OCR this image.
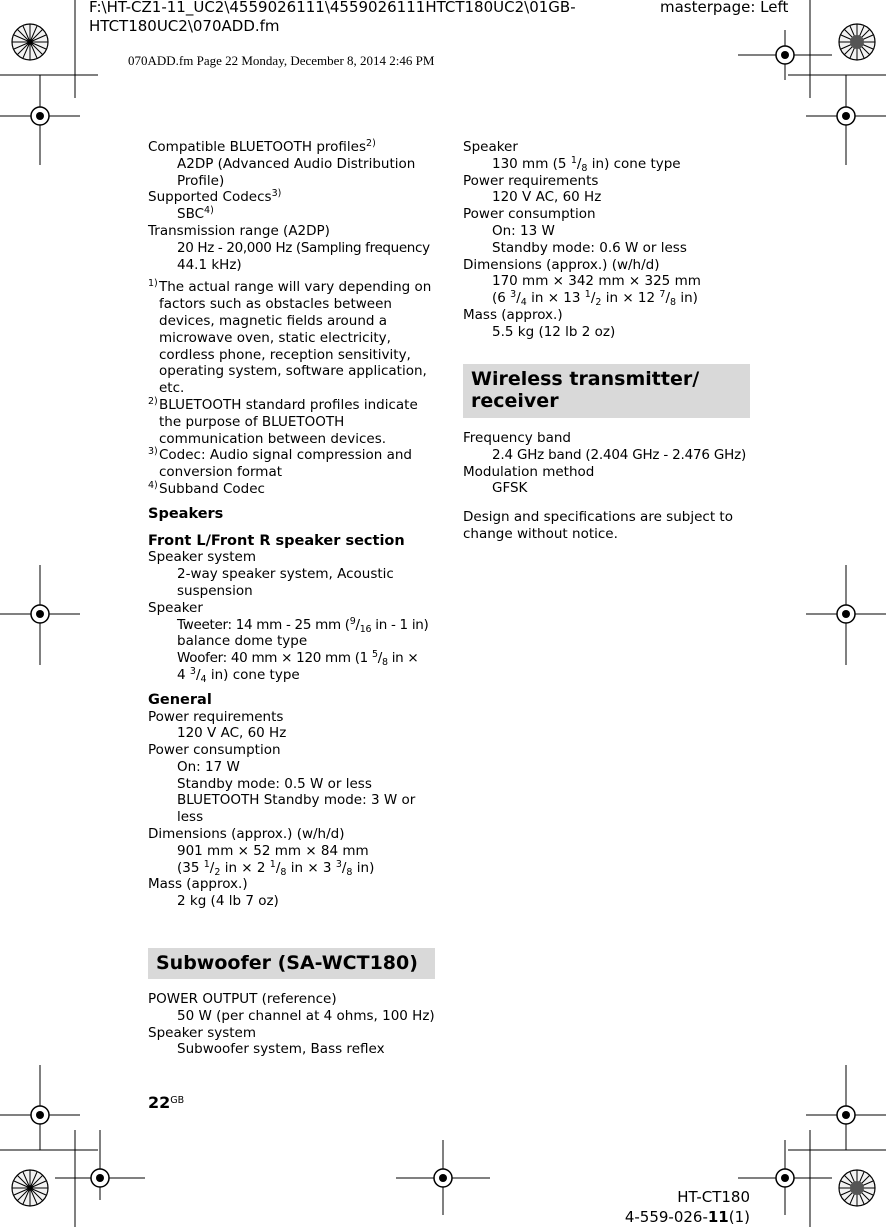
F:\HT-CZ1-11_UC2\4559026111\4559026111HTCT180UC2\01GB-
HTCT180UC2\070ADD.fm
masterpage: Left
070ADD.fm Page 22 Monday, December 8, 2014 2:46 PM
Compatible BLUETOOTH profiles$^{2)}$
A2DP (Advanced Audio Distribution
Profile)
Supported Codecs$^{3)}$
SBC$^{4)}$
Transmission range (A2DP)
20 Hz - 20,000 Hz (Sampling frequency
44.1 kHz)
1) The actual range will vary depending on
factors such as obstacles between
devices, magnetic fields around a
microwave oven, static electricity,
cordless phone, reception sensitivity,
operating system, software application,
etc.
2) BLUETOOTH standard profiles indicate
the purpose of BLUETOOTH
communication between devices.
3) Codec: Audio signal compression and
conversion format
4) Subband Codec
Speakers
Front L/Front R speaker section
Speaker system
2-way speaker system, Acoustic
suspension
Speaker
Tweeter: 14 mm - 25 mm ($^9/_{16}$ in - 1 in)
balance dome type
Woofer: 40 mm × 120 mm (1 $^5/_8$ in ×
4 $^3/_4$ in) cone type
General
Power requirements
120 V AC, 60 Hz
Power consumption
On: 17 W
Standby mode: 0.5 W or less
BLUETOOTH Standby mode: 3 W or
less
Dimensions (approx.) (w/h/d)
901 mm × 52 mm × 84 mm
(35 $^1/_2$ in × 2 $^1/_8$ in × 3 $^3/_8$ in)
Mass (approx.)
2 kg (4 lb 7 oz)
Subwoofer (SA-WCT180)
POWER OUTPUT (reference)
50 W (per channel at 4 ohms, 100 Hz)
Speaker system
Subwoofer system, Bass reflex
Speaker
130 mm (5 $^1/_8$ in) cone type
Power requirements
120 V AC, 60 Hz
Power consumption
On: 13 W
Standby mode: 0.6 W or less
Dimensions (approx.) (w/h/d)
170 mm × 342 mm × 325 mm
(6 $^3/_4$ in × 13 $^1/_2$ in × 12 $^7/_8$ in)
Mass (approx.)
5.5 kg (12 lb 2 oz)
Wireless transmitter/
receiver
Frequency band
2.4 GHz band (2.404 GHz - 2.476 GHz)
Modulation method
GFSK
Design and specifications are subject to
change without notice.
$22^{GB}$
HT-CT180
4-559-026-11(1)
